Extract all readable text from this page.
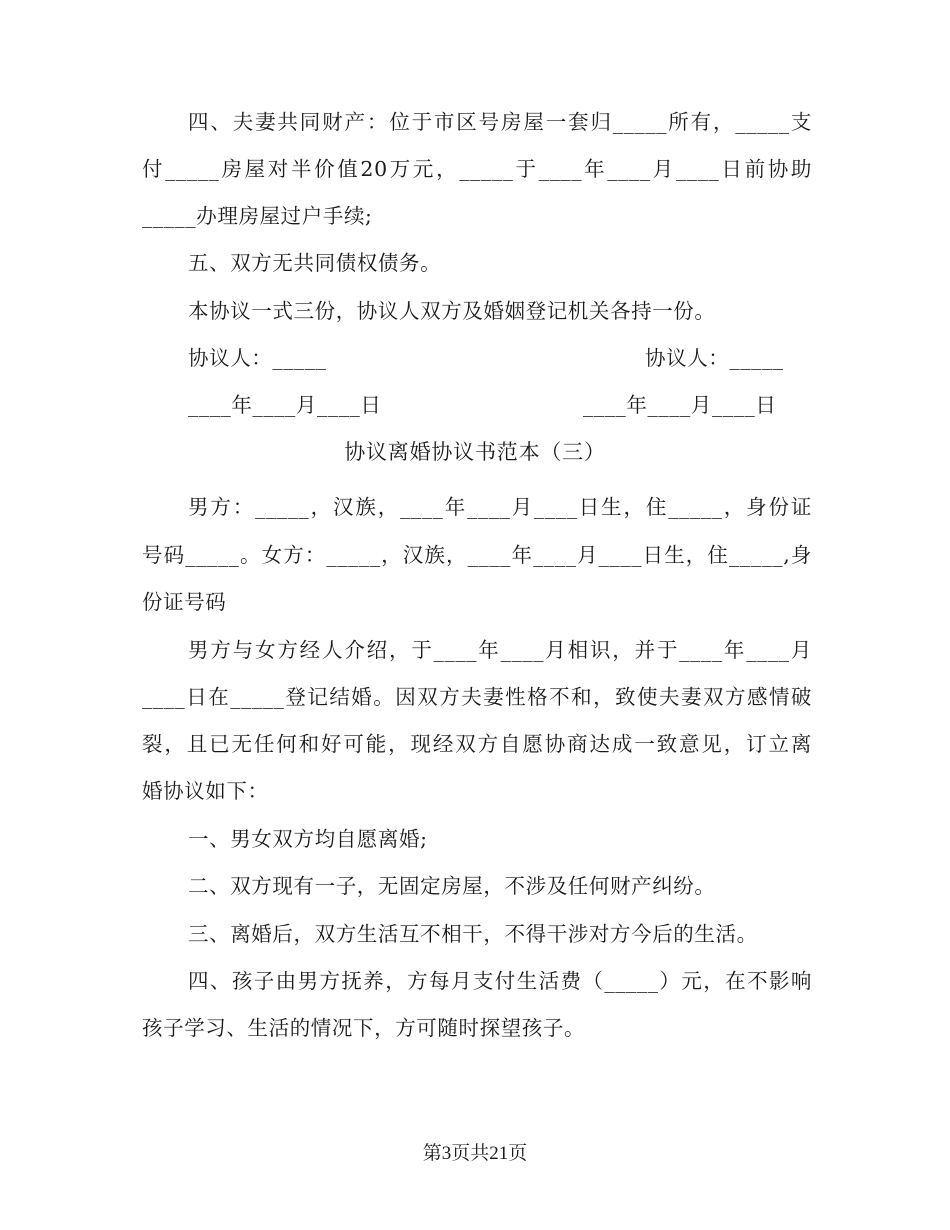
四、夫妻共同财产：位于市区号房屋一套归_____所有，_____支
付_____房屋对半价值20万元，_____于____年____月____日前协助
_____办理房屋过户手续;
五、双方无共同债权债务。
本协议一式三份，协议人双方及婚姻登记机关各持一份。
协议人：_____	协议人：_____
____年____月____日	____年____月____日
协议离婚协议书范本（三）
男方：_____，汉族，____年____月____日生，住_____，身份证
号码_____。女方：_____，汉族，____年____月____日生，住_____,身
份证号码
男方与女方经人介绍，于____年____月相识，并于____年____月
____日在_____登记结婚。因双方夫妻性格不和，致使夫妻双方感情破
裂，且已无任何和好可能，现经双方自愿协商达成一致意见，订立离
婚协议如下：
一、男女双方均自愿离婚;
二、双方现有一子，无固定房屋，不涉及任何财产纠纷。
三、离婚后，双方生活互不相干，不得干涉对方今后的生活。
四、孩子由男方抚养，方每月支付生活费（_____）元，在不影响
孩子学习、生活的情况下，方可随时探望孩子。
第3页共21页
